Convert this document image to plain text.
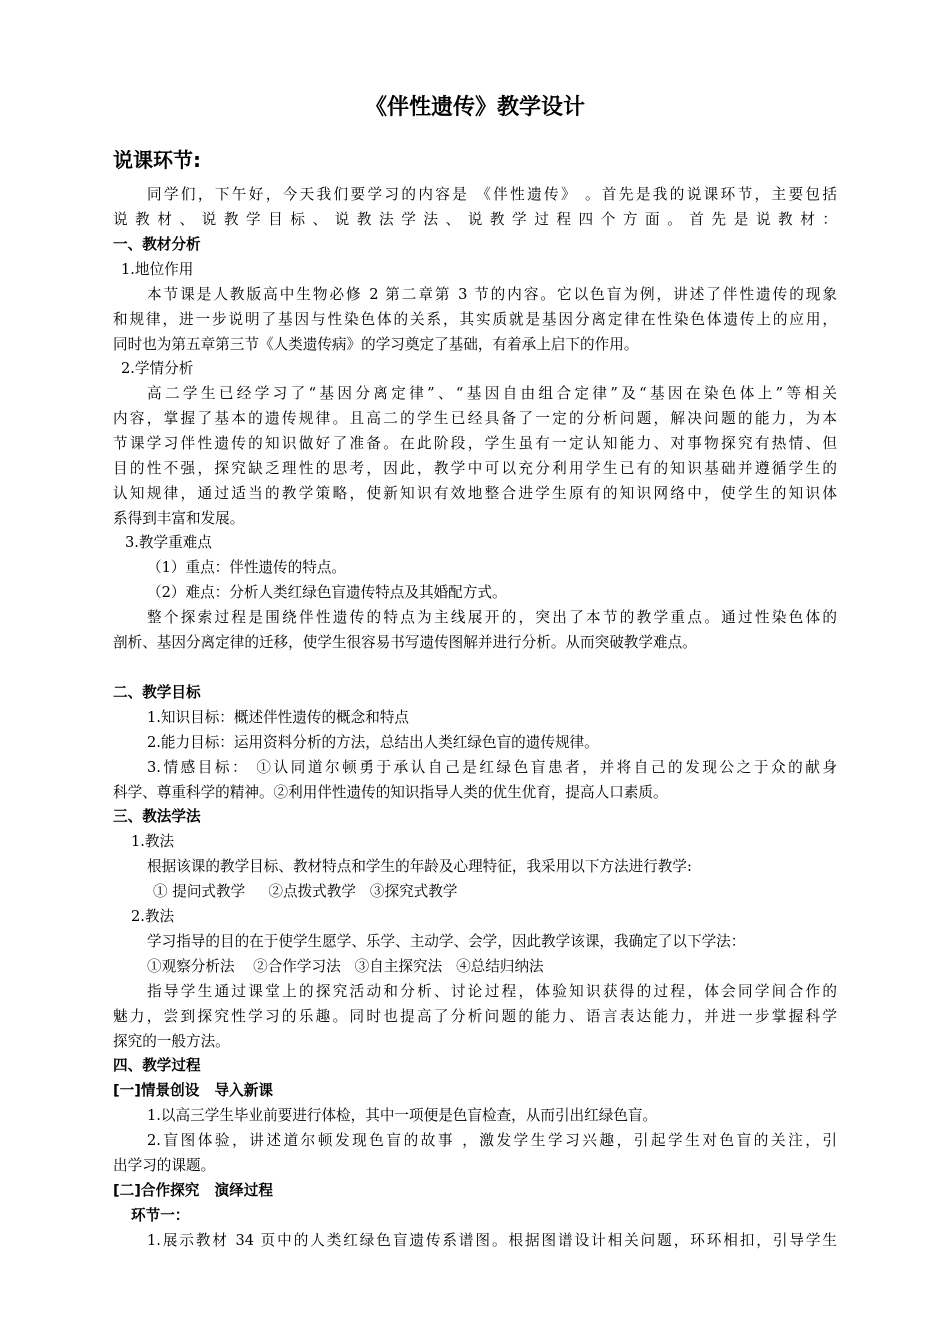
《伴性遗传》教学设计
说课环节:
同学们，下午好，今天我们要学习的内容是 《伴性遗传》 。首先是我的说课环节，主要包括
说教材、说教学目标、说教法学法、说教学过程四个方面。首先是说教材：
一、教材分析
1.地位作用
本节课是人教版高中生物必修 2 第二章第 3 节的内容。它以色盲为例，讲述了伴性遗传的现象
和规律，进一步说明了基因与性染色体的关系，其实质就是基因分离定律在性染色体遗传上的应用，
同时也为第五章第三节《人类遗传病》的学习奠定了基础，有着承上启下的作用。
2.学情分析
高二学生已经学习了“基因分离定律”、“基因自由组合定律”及“基因在染色体上”等相关
内容，掌握了基本的遗传规律。且高二的学生已经具备了一定的分析问题，解决问题的能力，为本
节课学习伴性遗传的知识做好了准备。在此阶段，学生虽有一定认知能力、对事物探究有热情、但
目的性不强，探究缺乏理性的思考，因此，教学中可以充分利用学生已有的知识基础并遵循学生的
认知规律，通过适当的教学策略，使新知识有效地整合进学生原有的知识网络中，使学生的知识体
系得到丰富和发展。
3.教学重难点
（1）重点：伴性遗传的特点。
（2）难点：分析人类红绿色盲遗传特点及其婚配方式。
整个探索过程是围绕伴性遗传的特点为主线展开的，突出了本节的教学重点。通过性染色体的
剖析、基因分离定律的迁移，使学生很容易书写遗传图解并进行分析。从而突破教学难点。
二、教学目标
1.知识目标：概述伴性遗传的概念和特点
2.能力目标：运用资料分析的方法，总结出人类红绿色盲的遗传规律。
3.情感目标： ①认同道尔顿勇于承认自己是红绿色盲患者，并将自己的发现公之于众的献身
科学、尊重科学的精神。②利用伴性遗传的知识指导人类的优生优育，提高人口素质。
三、教法学法
1.教法
根据该课的教学目标、教材特点和学生的年龄及心理特征，我采用以下方法进行教学:
① 提问式教学     ②点拨式教学   ③探究式教学
2.教法
学习指导的目的在于使学生愿学、乐学、主动学、会学，因此教学该课，我确定了以下学法：
①观察分析法    ②合作学习法   ③自主探究法   ④总结归纳法
指导学生通过课堂上的探究活动和分析、讨论过程，体验知识获得的过程，体会同学间合作的
魅力，尝到探究性学习的乐趣。同时也提高了分析问题的能力、语言表达能力，并进一步掌握科学
探究的一般方法。
四、教学过程
[一]情景创设   导入新课
1.以高三学生毕业前要进行体检，其中一项便是色盲检查，从而引出红绿色盲。
2.盲图体验，讲述道尔顿发现色盲的故事 ，激发学生学习兴趣，引起学生对色盲的关注，引
出学习的课题。
[二]合作探究   演绎过程
环节一：
1.展示教材 34 页中的人类红绿色盲遗传系谱图。根据图谱设计相关问题，环环相扣，引导学生
